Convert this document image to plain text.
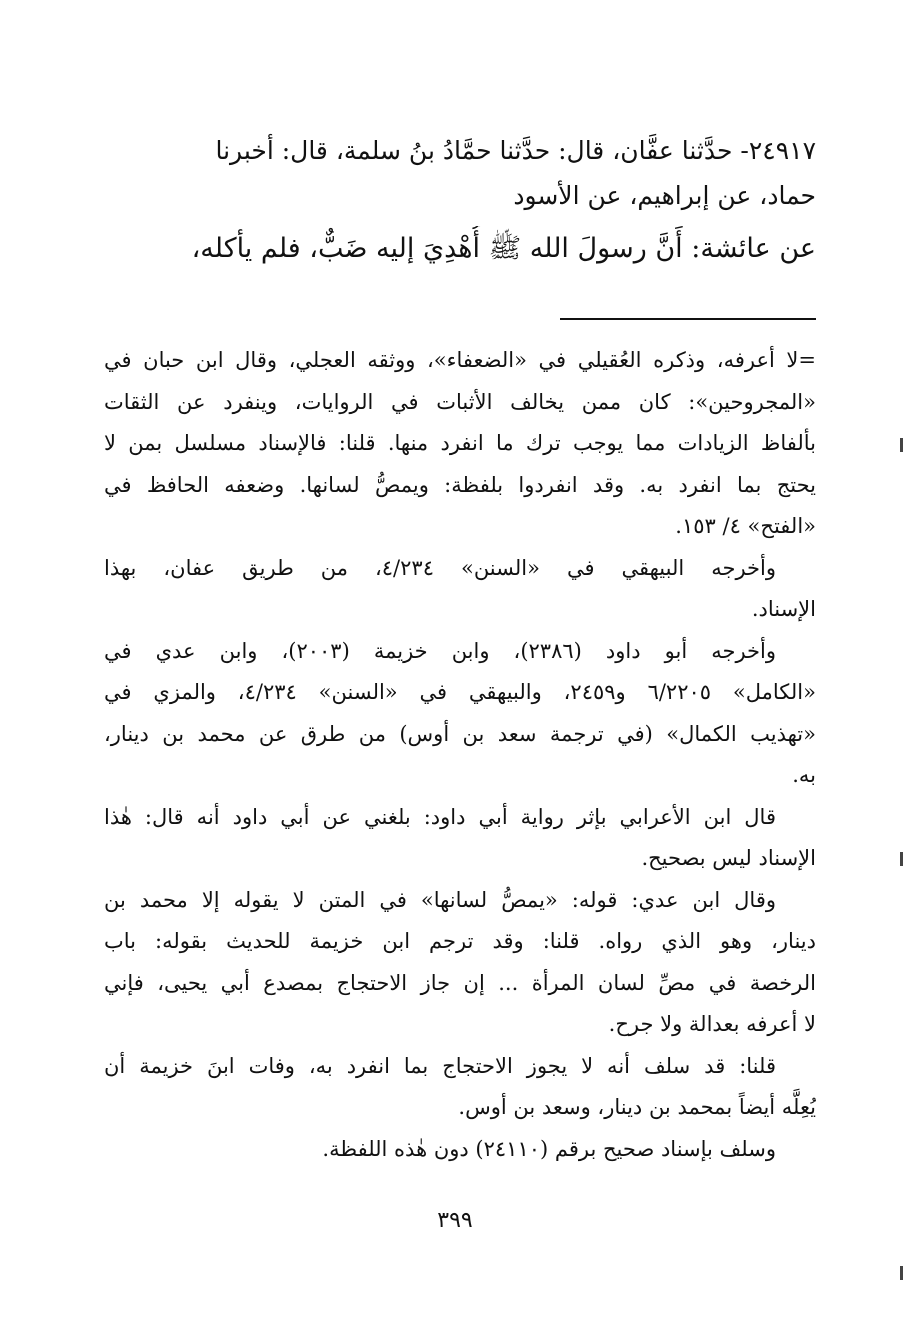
٢٤٩١٧- حدَّثنا عفَّان، قال: حدَّثنا حمَّادُ بنُ سلمة، قال: أخبرنا
حماد، عن إبراهيم، عن الأسود
عن عائشة: أَنَّ رسولَ الله ﷺ أُهْدِيَ إليه ضَبٌّ، فلم يأكله،
=لا أعرفه، وذكره العُقيلي في «الضعفاء»، ووثقه العجلي، وقال ابن حبان في
«المجروحين»: كان ممن يخالف الأثبات في الروايات، وينفرد عن الثقات
بألفاظ الزيادات مما يوجب ترك ما انفرد منها. قلنا: فالإسناد مسلسل بمن لا
يحتج بما انفرد به. وقد انفردوا بلفظة: ويمصُّ لسانها. وضعفه الحافظ في
«الفتح» ٤/ ١٥٣.
وأخرجه البيهقي في «السنن» ٤/٢٣٤، من طريق عفان، بهذا
الإسناد.
وأخرجه أبو داود (٢٣٨٦)، وابن خزيمة (٢٠٠٣)، وابن عدي في
«الكامل» ٦/٢٢٠٥ و٢٤٥٩، والبيهقي في «السنن» ٤/٢٣٤، والمزي في
«تهذيب الكمال» (في ترجمة سعد بن أوس) من طرق عن محمد بن دينار،
به.
قال ابن الأعرابي بإثر رواية أبي داود: بلغني عن أبي داود أنه قال: هٰذا
الإسناد ليس بصحيح.
وقال ابن عدي: قوله: «يمصُّ لسانها» في المتن لا يقوله إلا محمد بن
دينار، وهو الذي رواه. قلنا: وقد ترجم ابن خزيمة للحديث بقوله: باب
الرخصة في مصِّ لسان المرأة ... إن جاز الاحتجاج بمصدع أبي يحيى، فإني
لا أعرفه بعدالة ولا جرح.
قلنا: قد سلف أنه لا يجوز الاحتجاج بما انفرد به، وفات ابنَ خزيمة أن
يُعِلَّه أيضاً بمحمد بن دينار، وسعد بن أوس.
وسلف بإسناد صحيح برقم (٢٤١١٠) دون هٰذه اللفظة.
٣٩٩
